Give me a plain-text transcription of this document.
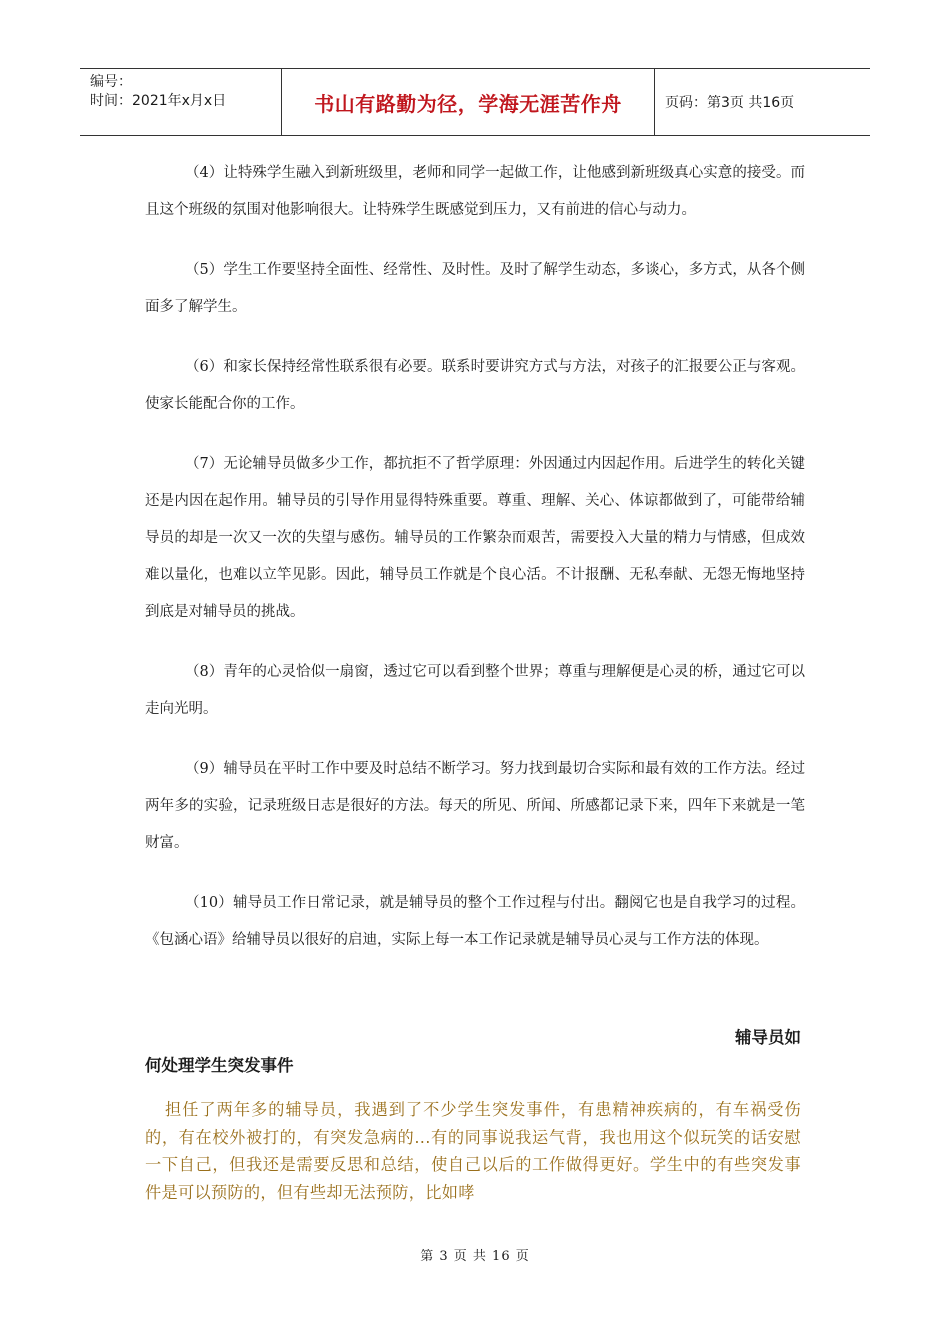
编号：
时间：2021年x月x日	书山有路勤为径，学海无涯苦作舟	页码：第3页 共16页

（4）让特殊学生融入到新班级里，老师和同学一起做工作，让他感到新班级真心实意的接受。而且这个班级的氛围对他影响很大。让特殊学生既感觉到压力，又有前进的信心与动力。

（5）学生工作要坚持全面性、经常性、及时性。及时了解学生动态，多谈心，多方式，从各个侧面多了解学生。

（6）和家长保持经常性联系很有必要。联系时要讲究方式与方法，对孩子的汇报要公正与客观。使家长能配合你的工作。

（7）无论辅导员做多少工作，都抗拒不了哲学原理：外因通过内因起作用。后进学生的转化关键还是内因在起作用。辅导员的引导作用显得特殊重要。尊重、理解、关心、体谅都做到了，可能带给辅导员的却是一次又一次的失望与感伤。辅导员的工作繁杂而艰苦，需要投入大量的精力与情感，但成效难以量化，也难以立竿见影。因此，辅导员工作就是个良心活。不计报酬、无私奉献、无怨无悔地坚持到底是对辅导员的挑战。

（8）青年的心灵恰似一扇窗，透过它可以看到整个世界；尊重与理解便是心灵的桥，通过它可以走向光明。

（9）辅导员在平时工作中要及时总结不断学习。努力找到最切合实际和最有效的工作方法。经过两年多的实验，记录班级日志是很好的方法。每天的所见、所闻、所感都记录下来，四年下来就是一笔财富。

（10）辅导员工作日常记录，就是辅导员的整个工作过程与付出。翻阅它也是自我学习的过程。《包涵心语》给辅导员以很好的启迪，实际上每一本工作记录就是辅导员心灵与工作方法的体现。

辅导员如
何处理学生突发事件
担任了两年多的辅导员，我遇到了不少学生突发事件，有患精神疾病的，有车祸受伤的，有在校外被打的，有突发急病的...有的同事说我运气背，我也用这个似玩笑的话安慰一下自己，但我还是需要反思和总结，使自己以后的工作做得更好。学生中的有些突发事件是可以预防的，但有些却无法预防，比如哮
第 3 页 共 16 页
